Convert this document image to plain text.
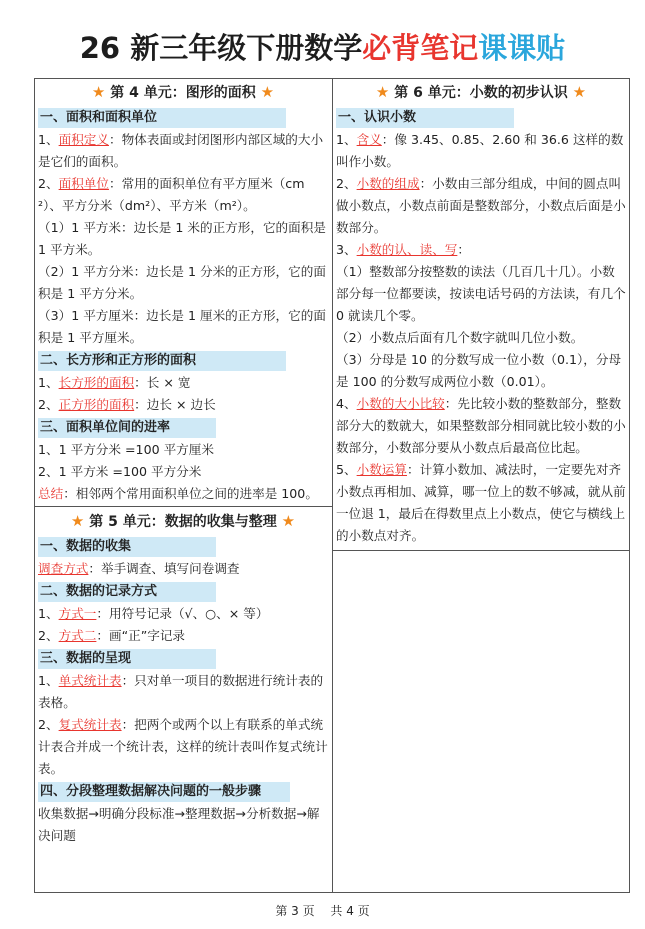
26 新三年级下册数学必背笔记课课贴
★ 第 4 单元：图形的面积 ★
一、面积和面积单位

1、面积定义：物体表面或封闭图形内部区域的大小是它们的面积。

2、面积单位：常用的面积单位有平方厘米（cm²）、平方分米（dm²）、平方米（m²）。

（1）1 平方米：边长是 1 米的正方形，它的面积是 1 平方米。

（2）1 平方分米：边长是 1 分米的正方形，它的面积是 1 平方分米。

（3）1 平方厘米：边长是 1 厘米的正方形，它的面积是 1 平方厘米。

二、长方形和正方形的面积

1、长方形的面积：长 × 宽

2、正方形的面积：边长 × 边长

三、面积单位间的进率

1、1 平方分米 =100 平方厘米

2、1 平方米 =100 平方分米

总结：相邻两个常用面积单位之间的进率是 100。

★ 第 5 单元：数据的收集与整理 ★
一、数据的收集

调查方式：举手调查、填写问卷调查

二、数据的记录方式

1、方式一：用符号记录（√、○、× 等）

2、方式二：画“正”字记录

三、数据的呈现

1、单式统计表：只对单一项目的数据进行统计表的表格。

2、复式统计表：把两个或两个以上有联系的单式统计表合并成一个统计表，这样的统计表叫作复式统计表。

四、分段整理数据解决问题的一般步骤

收集数据→明确分段标准→整理数据→分析数据→解决问题

★ 第 6 单元：小数的初步认识 ★
一、认识小数

1、含义：像 3.45、0.85、2.60 和 36.6 这样的数叫作小数。

2、小数的组成：小数由三部分组成，中间的圆点叫做小数点，小数点前面是整数部分，小数点后面是小数部分。

3、小数的认、读、写：

（1）整数部分按整数的读法（几百几十几）。小数部分每一位都要读，按读电话号码的方法读，有几个 0 就读几个零。

（2）小数点后面有几个数字就叫几位小数。

（3）分母是 10 的分数写成一位小数（0.1），分母是 100 的分数写成两位小数（0.01）。

4、小数的大小比较：先比较小数的整数部分，整数部分大的数就大，如果整数部分相同就比较小数的小数部分，小数部分要从小数点后最高位比起。

5、小数运算：计算小数加、减法时，一定要先对齐小数点再相加、减算，哪一位上的数不够减，就从前一位退 1，最后在得数里点上小数点，使它与横线上的小数点对齐。

第 3 页 共 4 页
